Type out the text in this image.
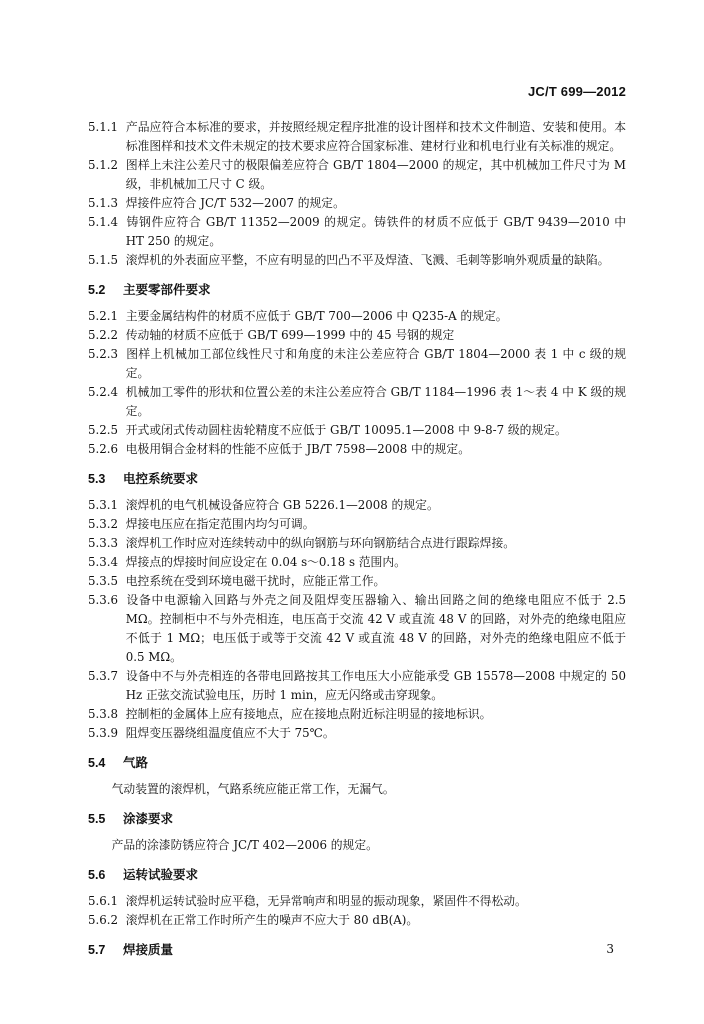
JC/T 699—2012

5.1.1 产品应符合本标准的要求，并按照经规定程序批准的设计图样和技术文件制造、安装和使用。本标准图样和技术文件未规定的技术要求应符合国家标准、建材行业和机电行业有关标准的规定。

5.1.2 图样上未注公差尺寸的极限偏差应符合 GB/T 1804—2000 的规定，其中机械加工件尺寸为 M 级，非机械加工尺寸 C 级。

5.1.3 焊接件应符合 JC/T 532—2007 的规定。

5.1.4 铸钢件应符合 GB/T 11352—2009 的规定。铸铁件的材质不应低于 GB/T 9439—2010 中 HT 250 的规定。

5.1.5 滚焊机的外表面应平整，不应有明显的凹凸不平及焊渣、飞溅、毛刺等影响外观质量的缺陷。

5.2 主要零部件要求

5.2.1 主要金属结构件的材质不应低于 GB/T 700—2006 中 Q235-A 的规定。

5.2.2 传动轴的材质不应低于 GB/T 699—1999 中的 45 号钢的规定

5.2.3 图样上机械加工部位线性尺寸和角度的未注公差应符合 GB/T 1804—2000 表 1 中 c 级的规定。

5.2.4 机械加工零件的形状和位置公差的未注公差应符合 GB/T 1184—1996 表 1～表 4 中 K 级的规定。

5.2.5 开式或闭式传动圆柱齿轮精度不应低于 GB/T 10095.1—2008 中 9-8-7 级的规定。

5.2.6 电极用铜合金材料的性能不应低于 JB/T 7598—2008 中的规定。

5.3 电控系统要求

5.3.1 滚焊机的电气机械设备应符合 GB 5226.1—2008 的规定。

5.3.2 焊接电压应在指定范围内均匀可调。

5.3.3 滚焊机工作时应对连续转动中的纵向钢筋与环向钢筋结合点进行跟踪焊接。

5.3.4 焊接点的焊接时间应设定在 0.04 s～0.18 s 范围内。

5.3.5 电控系统在受到环境电磁干扰时，应能正常工作。

5.3.6 设备中电源输入回路与外壳之间及阻焊变压器输入、输出回路之间的绝缘电阻应不低于 2.5 MΩ。控制柜中不与外壳相连，电压高于交流 42 V 或直流 48 V 的回路，对外壳的绝缘电阻应不低于 1 MΩ；电压低于或等于交流 42 V 或直流 48 V 的回路，对外壳的绝缘电阻应不低于 0.5 MΩ。

5.3.7 设备中不与外壳相连的各带电回路按其工作电压大小应能承受 GB 15578—2008 中规定的 50 Hz 正弦交流试验电压，历时 1 min，应无闪络或击穿现象。

5.3.8 控制柜的金属体上应有接地点，应在接地点附近标注明显的接地标识。

5.3.9 阻焊变压器绕组温度值应不大于 75℃。

5.4 气路

气动装置的滚焊机，气路系统应能正常工作，无漏气。

5.5 涂漆要求

产品的涂漆防锈应符合 JC/T 402—2006 的规定。

5.6 运转试验要求

5.6.1 滚焊机运转试验时应平稳，无异常响声和明显的振动现象，紧固件不得松动。

5.6.2 滚焊机在正常工作时所产生的噪声不应大于 80 dB(A)。

5.7 焊接质量	3
